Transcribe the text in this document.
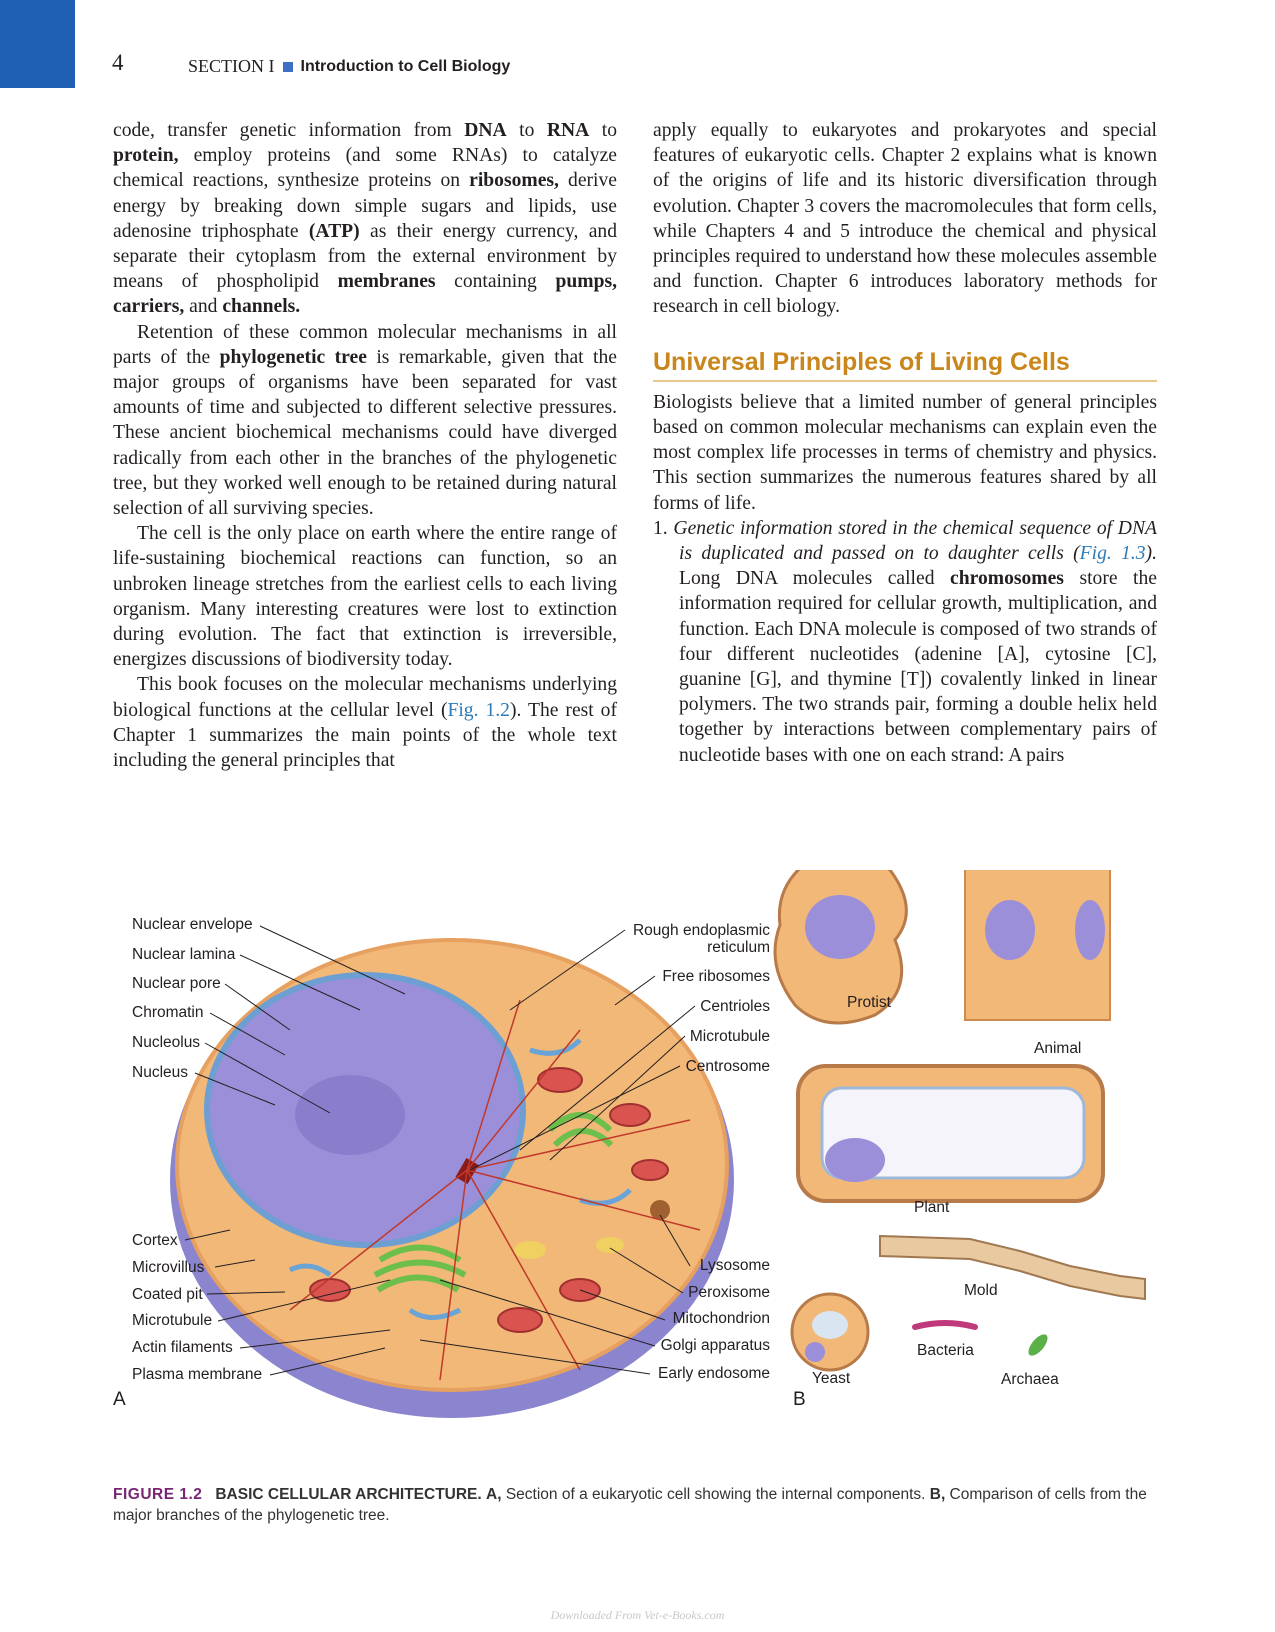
4	SECTION I Introduction to Cell Biology

code, transfer genetic information from DNA to RNA to protein, employ proteins (and some RNAs) to catalyze chemical reactions, synthesize proteins on ribosomes, derive energy by breaking down simple sugars and lipids, use adenosine triphosphate (ATP) as their energy currency, and separate their cytoplasm from the external environment by means of phospholipid membranes containing pumps, carriers, and channels.

Retention of these common molecular mechanisms in all parts of the phylogenetic tree is remarkable, given that the major groups of organisms have been separated for vast amounts of time and subjected to different selective pressures. These ancient biochemical mechanisms could have diverged radically from each other in the branches of the phylogenetic tree, but they worked well enough to be retained during natural selection of all surviving species.

The cell is the only place on earth where the entire range of life-sustaining biochemical reactions can function, so an unbroken lineage stretches from the earliest cells to each living organism. Many interesting creatures were lost to extinction during evolution. The fact that extinction is irreversible, energizes discussions of biodiversity today.

This book focuses on the molecular mechanisms underlying biological functions at the cellular level (Fig. 1.2). The rest of Chapter 1 summarizes the main points of the whole text including the general principles that

apply equally to eukaryotes and prokaryotes and special features of eukaryotic cells. Chapter 2 explains what is known of the origins of life and its historic diversification through evolution. Chapter 3 covers the macromolecules that form cells, while Chapters 4 and 5 introduce the chemical and physical principles required to understand how these molecules assemble and function. Chapter 6 introduces laboratory methods for research in cell biology.

Universal Principles of Living Cells

Biologists believe that a limited number of general principles based on common molecular mechanisms can explain even the most complex life processes in terms of chemistry and physics. This section summarizes the numerous features shared by all forms of life.

1. Genetic information stored in the chemical sequence of DNA is duplicated and passed on to daughter cells (Fig. 1.3). Long DNA molecules called chromosomes store the information required for cellular growth, multiplication, and function. Each DNA molecule is composed of two strands of four different nucleotides (adenine [A], cytosine [C], guanine [G], and thymine [T]) covalently linked in linear polymers. The two strands pair, forming a double helix held together by interactions between complementary pairs of nucleotide bases with one on each strand: A pairs

Nuclear envelope
Nuclear lamina
Nuclear pore
Chromatin
Nucleolus
Nucleus
Cortex
Microvillus
Coated pit
Microtubule
Actin filaments
Plasma membrane
Rough endoplasmic
reticulum
Free ribosomes
Centrioles
Microtubule
Centrosome
Lysosome
Peroxisome
Mitochondrion
Golgi apparatus
Early endosome
Protist
Animal
Plant
Mold
Bacteria
Yeast	Archaea
A	B
FIGURE 1.2 BASIC CELLULAR ARCHITECTURE. A, Section of a eukaryotic cell showing the internal components. B, Comparison of cells from the major branches of the phylogenetic tree.
Downloaded From Vet-e-Books.com
